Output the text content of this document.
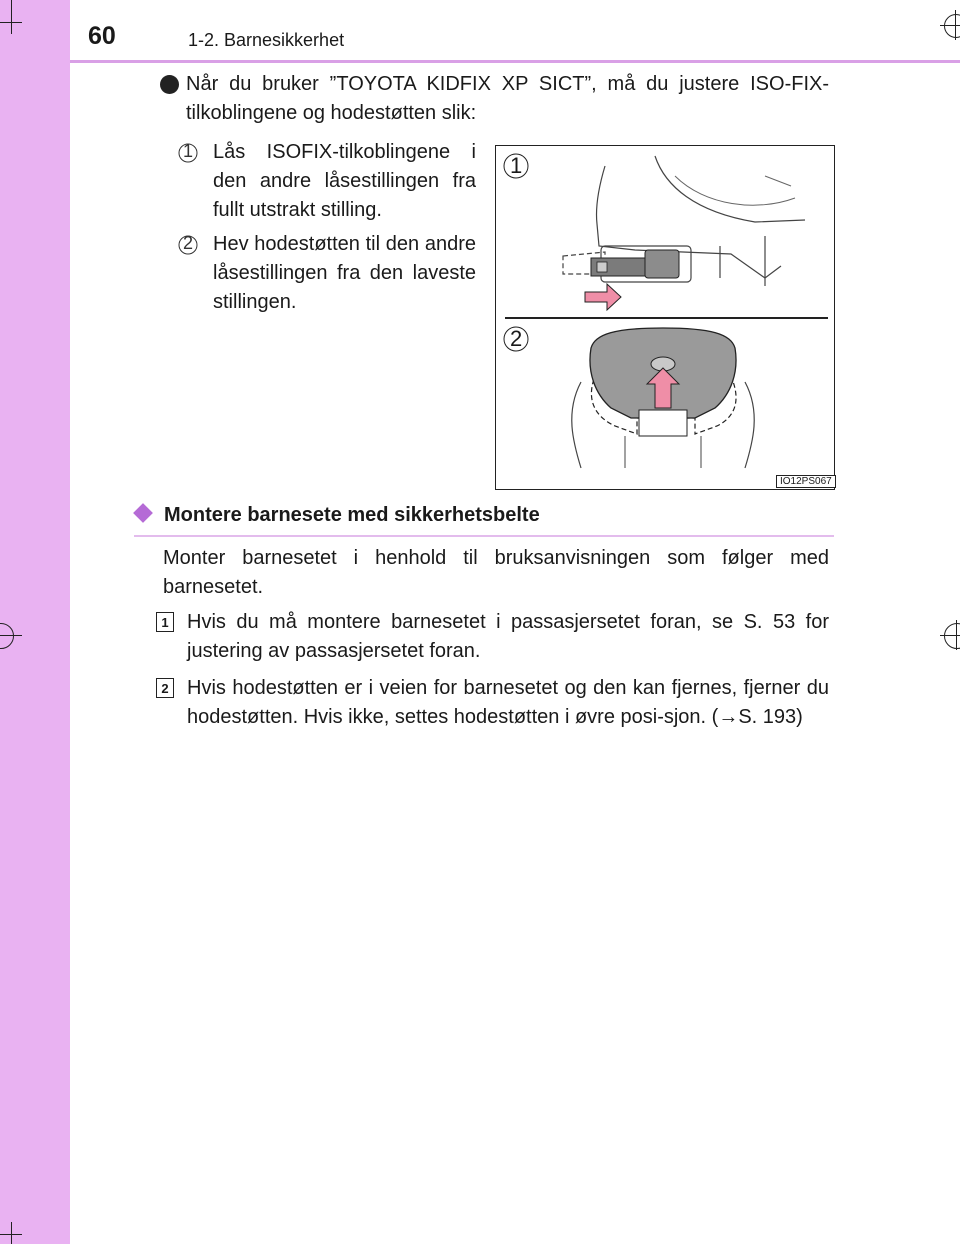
60	1-2. Barnesikkerhet
Når du bruker ”TOYOTA KIDFIX XP SICT”, må du justere ISO-FIX-tilkoblingene og hodestøtten slik:
1 Lås ISOFIX-tilkoblingene i den andre låsestillingen fra fullt utstrakt stilling.
2 Hev hodestøtten til den andre låsestillingen fra den laveste stillingen.
1
2
IO12PS067
Montere barnesete med sikkerhetsbelte
Monter barnesetet i henhold til bruksanvisningen som følger med barnesetet.
1 Hvis du må montere barnesetet i passasjersetet foran, se S. 53 for justering av passasjersetet foran.
2 Hvis hodestøtten er i veien for barnesetet og den kan fjernes, fjerner du hodestøtten. Hvis ikke, settes hodestøtten i øvre posi-sjon. (→S. 193)
